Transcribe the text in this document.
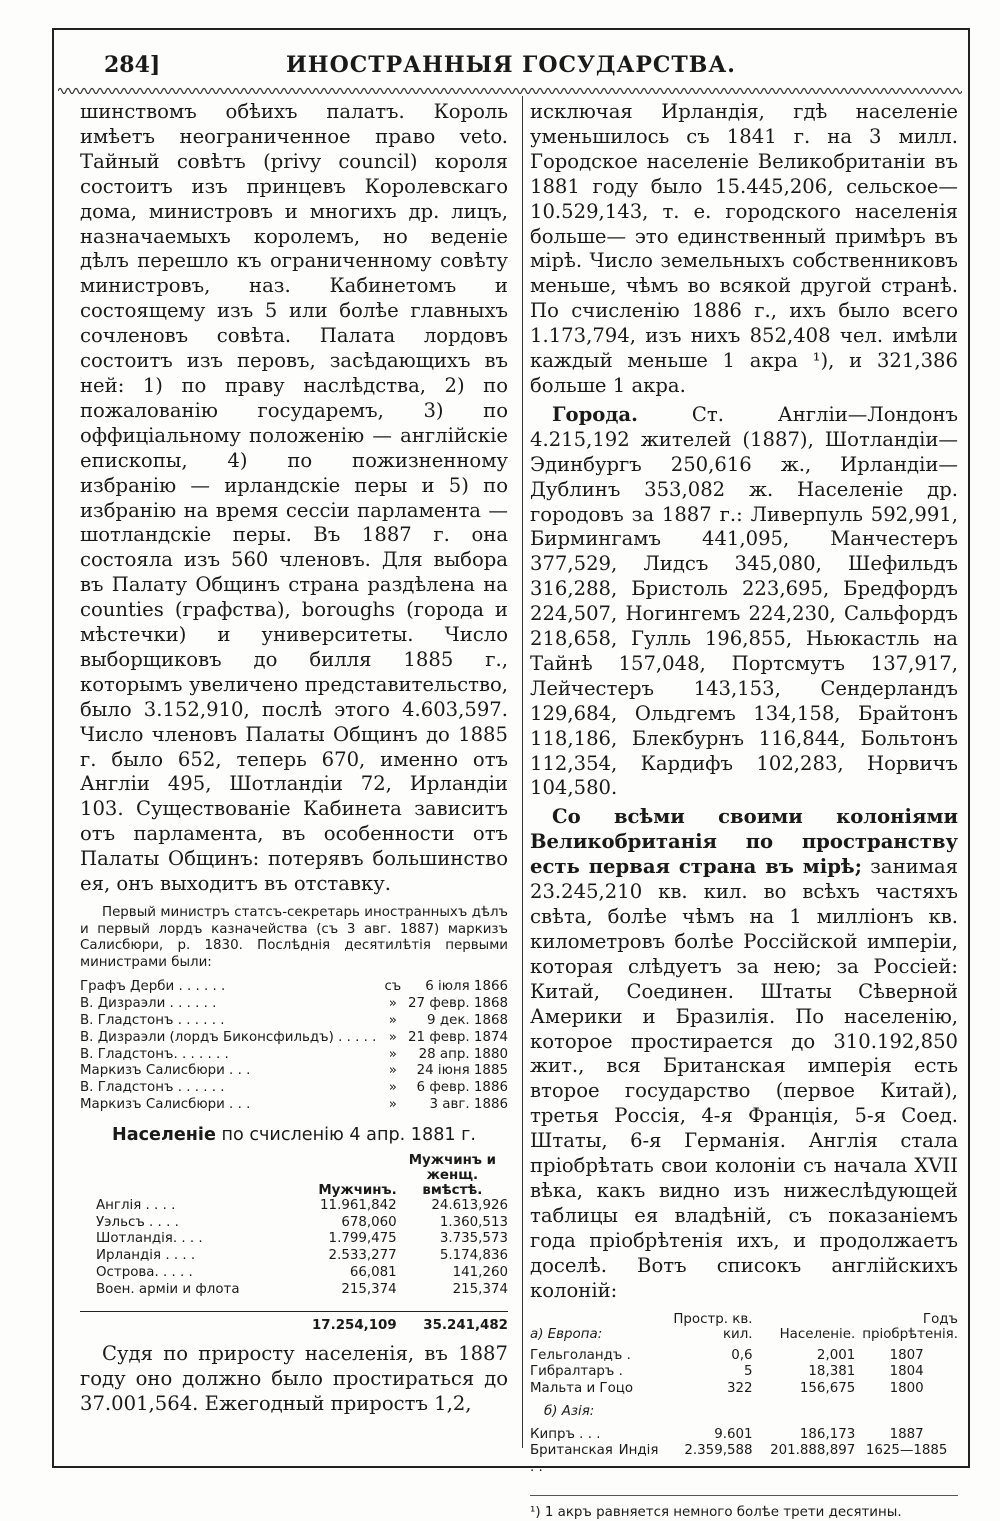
284]	ИНОСТРАННЫЯ ГОСУДАРСТВА.

шинствомъ обѣихъ палатъ. Король имѣетъ неограниченное право veto. Тайный совѣтъ (privy council) короля состоитъ изъ принцевъ Королевскаго дома, министровъ и многихъ др. лицъ, назначаемыхъ королемъ, но веденіе дѣлъ перешло къ ограниченному совѣту министровъ, наз. Кабинетомъ и состоящему изъ 5 или болѣе главныхъ сочленовъ совѣта. Палата лордовъ состоитъ изъ перовъ, засѣдающихъ въ ней: 1) по праву наслѣдства, 2) по пожалованію государемъ, 3) по оффиціальному положенію — англійскіе епископы, 4) по пожизненному избранію — ирландскіе перы и 5) по избранію на время сессіи парламента — шотландскіе перы. Въ 1887 г. она состояла изъ 560 членовъ. Для выбора въ Палату Общинъ страна раздѣлена на counties (графства), boroughs (города и мѣстечки) и университеты. Число выборщиковъ до билля 1885 г., которымъ увеличено представительство, было 3.152,910, послѣ этого 4.603,597. Число членовъ Палаты Общинъ до 1885 г. было 652, теперь 670, именно отъ Англіи 495, Шотландіи 72, Ирландіи 103. Существованіе Кабинета зависитъ отъ парламента, въ особенности отъ Палаты Общинъ: потерявъ большинство ея, онъ выходитъ въ отставку.

Первый министръ статсъ-секретарь иностранныхъ дѣлъ и первый лордъ казначейства (съ 3 авг. 1887) маркизъ Салисбюри, р. 1830. Послѣднія десятилѣтія первыми министрами были:

Графъ Дерби . . . . . .	съ	6 іюля 1866
В. Дизраэли . . . . . .	»	27 февр. 1868
В. Гладстонъ . . . . . .	»	9 дек. 1868
В. Дизраэли (лордъ Биконсфильдъ) . . . . .	»	21 февр. 1874
В. Гладстонъ. . . . . . .	»	28 апр. 1880
Маркизъ Салисбюри . . .	»	24 іюня 1885
В. Гладстонъ . . . . . .	»	6 февр. 1886
Маркизъ Салисбюри . . .	»	3 авг. 1886
Населеніе по счисленію 4 апр. 1881 г.
	Мужчинъ.	Мужчинъ и женщ. вмѣстѣ.
Англія . . . .	11.961,842	24.613,926
Уэльсъ . . . .	678,060	1.360,513
Шотландія. . . .	1.799,475	3.735,573
Ирландія . . . .	2.533,277	5.174,836
Острова. . . . .	66,081	141,260
Воен. арміи и флота	215,374	215,374

	17.254,109	35.241,482

Судя по приросту населенія, въ 1887 году оно должно было простираться до 37.001,564. Ежегодный приростъ 1,2,

исключая Ирландія, гдѣ населеніе уменьшилось съ 1841 г. на 3 милл. Городское населеніе Великобританіи въ 1881 году было 15.445,206, сельское— 10.529,143, т. е. городского населенія больше— это единственный примѣръ въ мірѣ. Число земельныхъ собственниковъ меньше, чѣмъ во всякой другой странѣ. По счисленію 1886 г., ихъ было всего 1.173,794, изъ нихъ 852,408 чел. имѣли каждый меньше 1 акра ¹), и 321,386 больше 1 акра.

Города.	Ст. Англіи—Лондонъ 4.215,192 жителей (1887), Шотландіи—Эдинбургъ 250,616 ж., Ирландіи—Дублинъ 353,082 ж. Населеніе др. городовъ за 1887 г.: Ливерпуль 592,991, Бирмингамъ 441,095, Манчестеръ 377,529, Лидсъ 345,080, Шефильдъ 316,288, Бристоль 223,695, Бредфордъ 224,507, Ногингемъ 224,230, Сальфордъ 218,658, Гулль 196,855, Ньюкастль на Тайнѣ 157,048, Портсмутъ 137,917, Лейчестеръ 143,153, Сендерландъ 129,684, Ольдгемъ 134,158, Брайтонъ 118,186, Блекбурнъ 116,844, Больтонъ 112,354, Кардифъ 102,283, Норвичъ 104,580.

Со всѣми своими колоніями Великобританія по пространству есть первая страна въ мірѣ; занимая 23.245,210 кв. кил. во всѣхъ частяхъ свѣта, болѣе чѣмъ на 1 милліонъ кв. километровъ болѣе Россійской имперіи, которая слѣдуетъ за нею; за Россіей: Китай, Соединен. Штаты Сѣверной Америки и Бразилія. По населенію, которое простирается до 310.192,850 жит., вся Британская имперія есть второе государство (первое Китай), третья Россія, 4-я Франція, 5-я Соед. Штаты, 6-я Германія. Англія стала пріобрѣтать свои колоніи съ начала XVII вѣка, какъ видно изъ нижеслѣдующей таблицы ея владѣній, съ показаніемъ года пріобрѣтенія ихъ, и продолжаетъ доселѣ. Вотъ списокъ англійскихъ колоній:

а) Европа:	Простр. кв. кил.	Населеніе.	Годъ пріобрѣтенія.

Гельголандъ .	0,6	2,001	1807
Гибралтаръ .	5	18,381	1804
Мальта и Гоцо	322	156,675	1800

б) Азія:			

Кипръ . . .	9.601	186,173	1887
Британская Индія . .	2.359,588	201.888,897	1625—1885
¹) 1 акръ равняется немного болѣе трети десятины.
